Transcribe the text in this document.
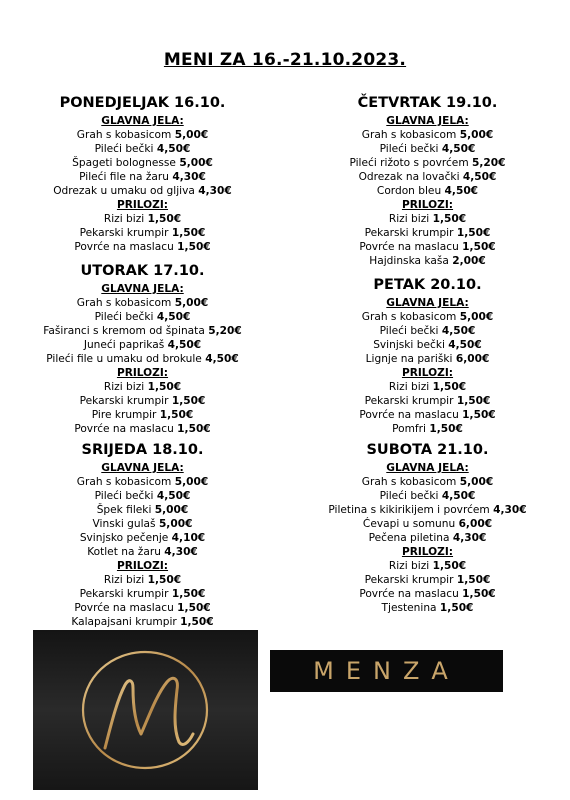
MENI ZA 16.-21.10.2023.
PONEDJELJAK 16.10.
GLAVNA JELA:
Grah s kobasicom 5,00€
Pileći bečki 4,50€
Špageti bolognesse 5,00€
Pileći file na žaru 4,30€
Odrezak u umaku od gljiva 4,30€
PRILOZI:
Rizi bizi 1,50€
Pekarski krumpir 1,50€
Povrće na maslacu 1,50€
UTORAK 17.10.
GLAVNA JELA:
Grah s kobasicom 5,00€
Pileći bečki 4,50€
Faširanci s kremom od špinata 5,20€
Juneći paprikaš 4,50€
Pileći file u umaku od brokule 4,50€
PRILOZI:
Rizi bizi 1,50€
Pekarski krumpir 1,50€
Pire krumpir 1,50€
Povrće na maslacu 1,50€
SRIJEDA 18.10.
GLAVNA JELA:
Grah s kobasicom 5,00€
Pileći bečki 4,50€
Špek fileki 5,00€
Vinski gulaš 5,00€
Svinjsko pečenje 4,10€
Kotlet na žaru 4,30€
PRILOZI:
Rizi bizi 1,50€
Pekarski krumpir 1,50€
Povrće na maslacu 1,50€
Kalapajsani krumpir 1,50€
ČETVRTAK 19.10.
GLAVNA JELA:
Grah s kobasicom 5,00€
Pileći bečki 4,50€
Pileći rižoto s povrćem 5,20€
Odrezak na lovački 4,50€
Cordon bleu 4,50€
PRILOZI:
Rizi bizi 1,50€
Pekarski krumpir 1,50€
Povrće na maslacu 1,50€
Hajdinska kaša 2,00€
PETAK 20.10.
GLAVNA JELA:
Grah s kobasicom 5,00€
Pileći bečki 4,50€
Svinjski bečki 4,50€
Lignje na pariški 6,00€
PRILOZI:
Rizi bizi 1,50€
Pekarski krumpir 1,50€
Povrće na maslacu 1,50€
Pomfri 1,50€
SUBOTA 21.10.
GLAVNA JELA:
Grah s kobasicom 5,00€
Pileći bečki 4,50€
Piletina s kikirikijem i povrćem 4,30€
Ćevapi u somunu 6,00€
Pečena piletina 4,30€
PRILOZI:
Rizi bizi 1,50€
Pekarski krumpir 1,50€
Povrće na maslacu 1,50€
Tjestenina 1,50€
MENZA
